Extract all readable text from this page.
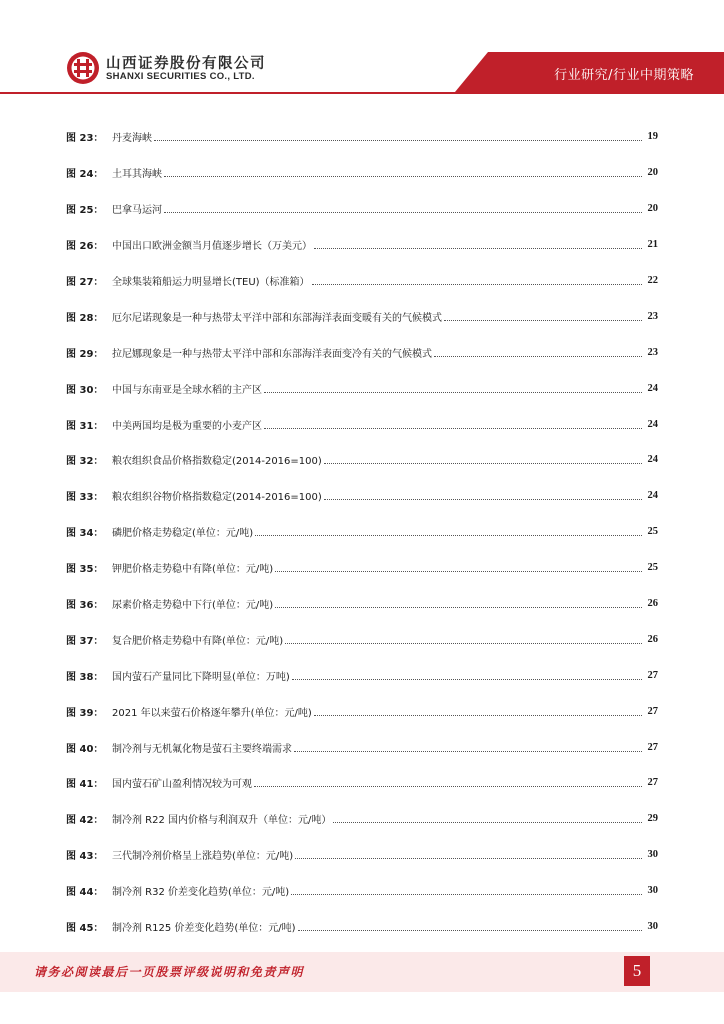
行业研究/行业中期策略
山西证券股份有限公司
SHANXI SECURITIES CO., LTD.
图 23： 丹麦海峡	19
图 24： 土耳其海峡	20
图 25： 巴拿马运河	20
图 26： 中国出口欧洲金额当月值逐步增长（万美元）	21
图 27： 全球集装箱船运力明显增长(TEU)（标准箱）	22
图 28： 厄尔尼诺现象是一种与热带太平洋中部和东部海洋表面变暖有关的气候模式	23
图 29： 拉尼娜现象是一种与热带太平洋中部和东部海洋表面变冷有关的气候模式	23
图 30： 中国与东南亚是全球水稻的主产区	24
图 31： 中美两国均是极为重要的小麦产区	24
图 32： 粮农组织食品价格指数稳定(2014-2016=100)	24
图 33： 粮农组织谷物价格指数稳定(2014-2016=100)	24
图 34： 磷肥价格走势稳定(单位：元/吨)	25
图 35： 钾肥价格走势稳中有降(单位：元/吨)	25
图 36： 尿素价格走势稳中下行(单位：元/吨)	26
图 37： 复合肥价格走势稳中有降(单位：元/吨)	26
图 38： 国内萤石产量同比下降明显(单位：万吨)	27
图 39： 2021 年以来萤石价格逐年攀升(单位：元/吨)	27
图 40： 制冷剂与无机氟化物是萤石主要终端需求	27
图 41： 国内萤石矿山盈利情况较为可观	27
图 42： 制冷剂 R22 国内价格与利润双升（单位：元/吨）	29
图 43： 三代制冷剂价格呈上涨趋势(单位：元/吨)	30
图 44： 制冷剂 R32 价差变化趋势(单位：元/吨)	30
图 45： 制冷剂 R125 价差变化趋势(单位：元/吨)	30
请务必阅读最后一页股票评级说明和免责声明	5
